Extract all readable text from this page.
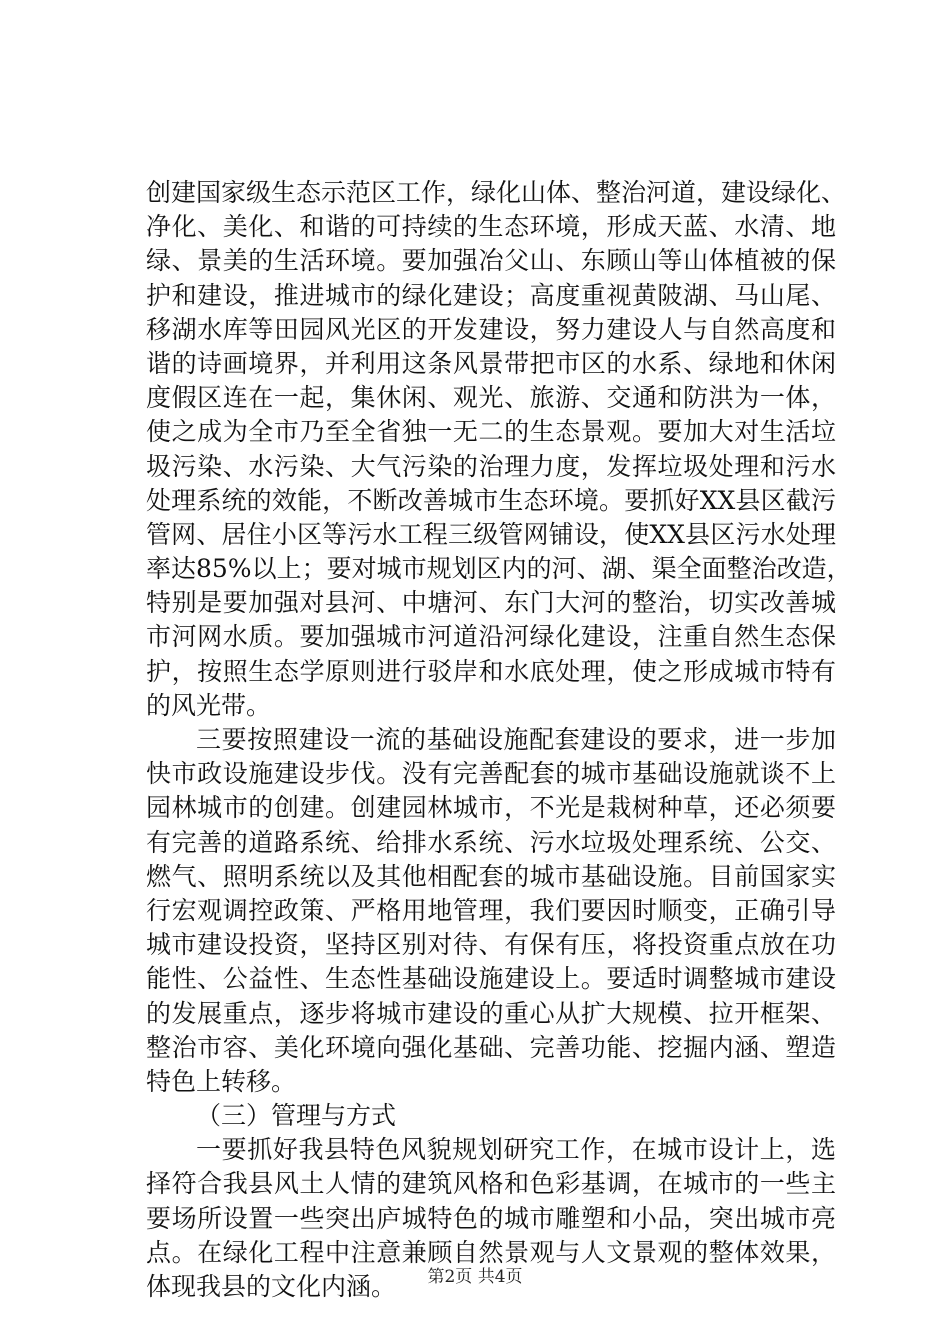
创建国家级生态示范区工作，绿化山体、整治河道，建设绿化、
净化、美化、和谐的可持续的生态环境，形成天蓝、水清、地
绿、景美的生活环境。要加强冶父山、东顾山等山体植被的保
护和建设，推进城市的绿化建设；高度重视黄陂湖、马山尾、
移湖水库等田园风光区的开发建设，努力建设人与自然高度和
谐的诗画境界，并利用这条风景带把市区的水系、绿地和休闲
度假区连在一起，集休闲、观光、旅游、交通和防洪为一体，
使之成为全市乃至全省独一无二的生态景观。要加大对生活垃
圾污染、水污染、大气污染的治理力度，发挥垃圾处理和污水
处理系统的效能，不断改善城市生态环境。要抓好XX县区截污
管网、居住小区等污水工程三级管网铺设，使XX县区污水处理
率达85%以上；要对城市规划区内的河、湖、渠全面整治改造，
特别是要加强对县河、中塘河、东门大河的整治，切实改善城
市河网水质。要加强城市河道沿河绿化建设，注重自然生态保
护，按照生态学原则进行驳岸和水底处理，使之形成城市特有
的风光带。
三要按照建设一流的基础设施配套建设的要求，进一步加
快市政设施建设步伐。没有完善配套的城市基础设施就谈不上
园林城市的创建。创建园林城市，不光是栽树种草，还必须要
有完善的道路系统、给排水系统、污水垃圾处理系统、公交、
燃气、照明系统以及其他相配套的城市基础设施。目前国家实
行宏观调控政策、严格用地管理，我们要因时顺变，正确引导
城市建设投资，坚持区别对待、有保有压，将投资重点放在功
能性、公益性、生态性基础设施建设上。要适时调整城市建设
的发展重点，逐步将城市建设的重心从扩大规模、拉开框架、
整治市容、美化环境向强化基础、完善功能、挖掘内涵、塑造
特色上转移。
（三）管理与方式
一要抓好我县特色风貌规划研究工作，在城市设计上，选
择符合我县风土人情的建筑风格和色彩基调，在城市的一些主
要场所设置一些突出庐城特色的城市雕塑和小品，突出城市亮
点。在绿化工程中注意兼顾自然景观与人文景观的整体效果，
体现我县的文化内涵。	第2页 共4页
